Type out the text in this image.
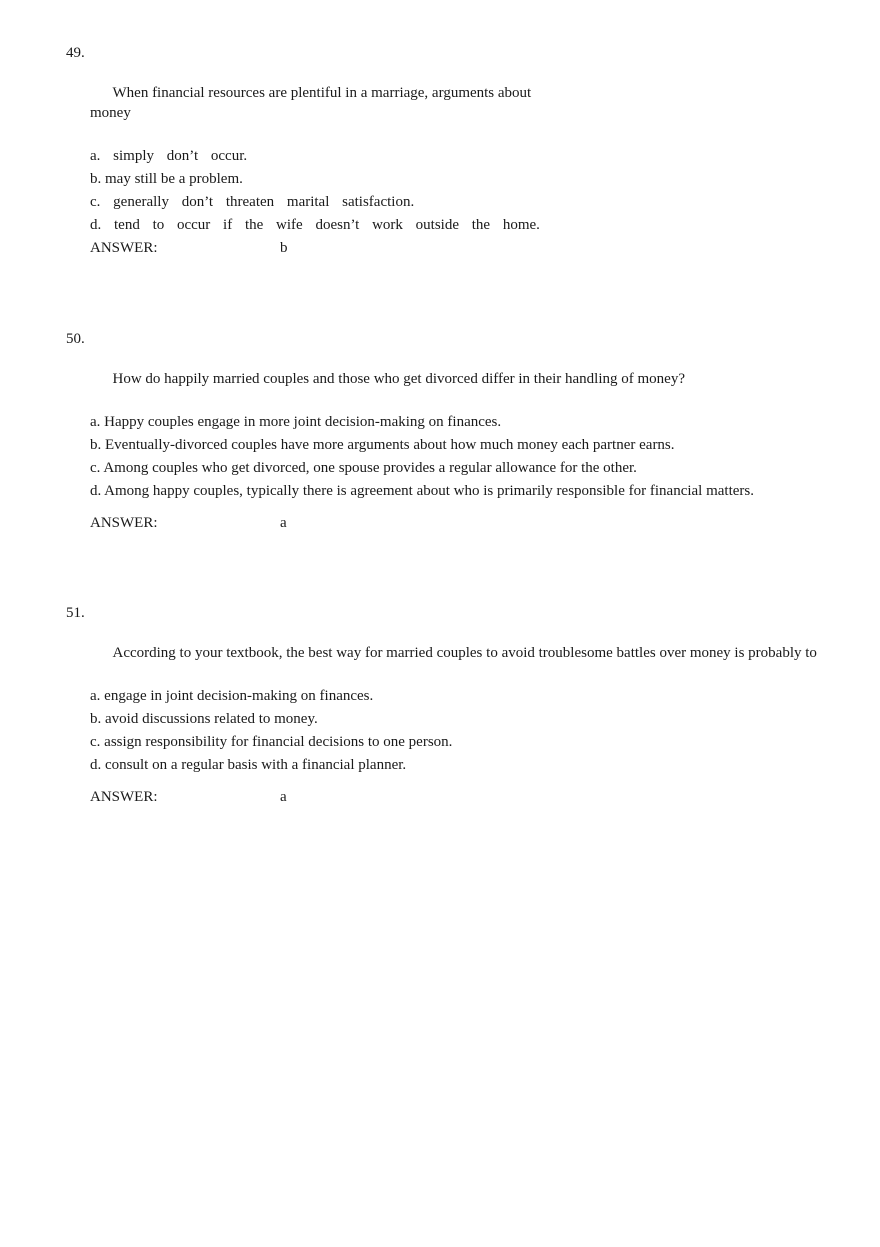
49.

When financial resources are plentiful in a marriage, arguments about money

a. simply don’t occur.
b. may still be a problem.
c. generally don’t threaten marital satisfaction.
d. tend to occur if the wife doesn’t work outside the home.
ANSWER:	b

50.

How do happily married couples and those who get divorced differ in their handling of money?

a. Happy couples engage in more joint decision-making on finances.
b. Eventually-divorced couples have more arguments about how much money each partner earns.
c. Among couples who get divorced, one spouse provides a regular allowance for the other.
d. Among happy couples, typically there is agreement about who is primarily responsible for financial matters.
ANSWER:	a

51.

According to your textbook, the best way for married couples to avoid troublesome battles over money is probably to

a. engage in joint decision-making on finances.
b. avoid discussions related to money.
c. assign responsibility for financial decisions to one person.
d. consult on a regular basis with a financial planner.
ANSWER:	a
